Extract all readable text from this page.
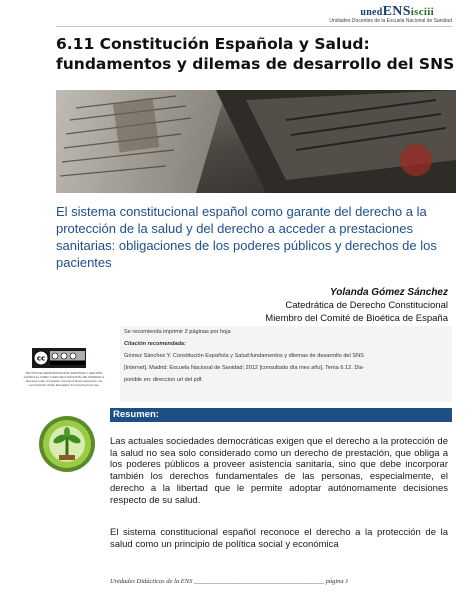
unedENSisciii
Unidades Docentes de la Escuela Nacional de Sanidad
6.11 Constitución Española y Salud: fundamentos y dilemas de desarrollo del SNS

El sistema constitucional español como garante del derecho a la protección de la salud y del derecho a acceder a prestaciones sanitarias: obligaciones de los poderes públicos y derechos de los pacientes

Yolanda Gómez Sánchez
Catedrática de Derecho Constitucional
Miembro del Comité de Bioética de España

Se recomienda imprimir 2 páginas por hoja

Citación recomendada:

Gómez Sánchez Y. Constitución Española y Salud:fundamentos y dilemas de desarrollo del SNS

[Internet]. Madrid: Escuela Nacional de Sanidad; 2012 [consultado día mes año]. Tema 6.12. Dis-

ponible en: direccion url del pdf.

cc

TEXTOS DE ADMINISTRACION SANITARIA Y GESTIÓN CLÍNICA by UNED Y ESCUELA NACIONAL DE SANIDAD is licensed under a Creative Commons Reconocimiento- No comercial-Sin obras Derivadas 3.0 Unported License.

Resumen:

Las actuales sociedades democráticas exigen que el derecho a la protección de la salud no sea solo considerado como un derecho de prestación, que obliga a los poderes públicos a proveer asistencia sanitaria, sino que debe incorporar también los derechos fundamentales de las personas, especialmente, el derecho a la libertad que le permite adoptar autónomamente decisiones respecto de su salud.

El sistema constitucional español reconoce el derecho a la protección de la salud como un principio de política social y económica

Unidades Didácticas de la ENS ________________________________________ página 1
